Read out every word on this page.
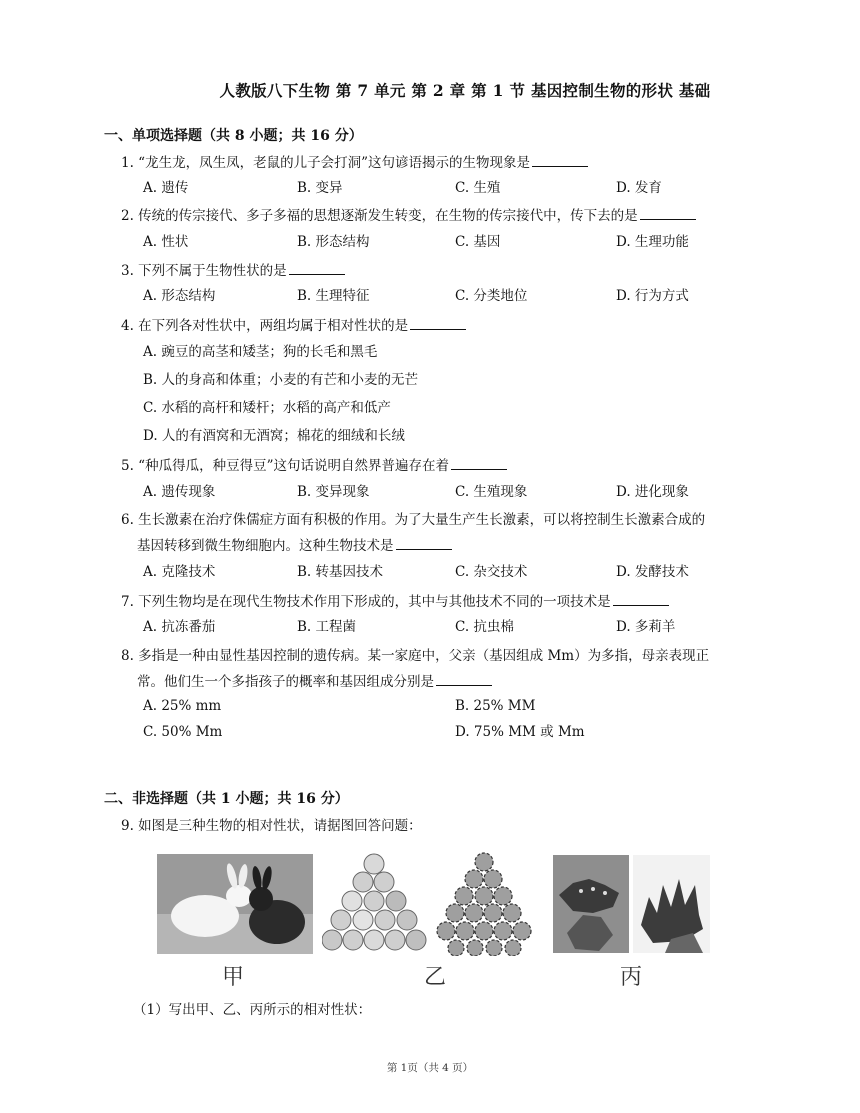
人教版八下生物 第 7 单元 第 2 章 第 1 节 基因控制生物的形状 基础
一、单项选择题（共 8 小题；共 16 分）
1. “龙生龙，凤生凤，老鼠的儿子会打洞”这句谚语揭示的生物现象是
A. 遗传	B. 变异	C. 生殖	D. 发育
2. 传统的传宗接代、多子多福的思想逐渐发生转变，在生物的传宗接代中，传下去的是
A. 性状	B. 形态结构	C. 基因	D. 生理功能
3. 下列不属于生物性状的是
A. 形态结构	B. 生理特征	C. 分类地位	D. 行为方式
4. 在下列各对性状中，两组均属于相对性状的是
A. 豌豆的高茎和矮茎；狗的长毛和黑毛
B. 人的身高和体重；小麦的有芒和小麦的无芒
C. 水稻的高杆和矮杆；水稻的高产和低产
D. 人的有酒窝和无酒窝；棉花的细绒和长绒
5. “种瓜得瓜，种豆得豆”这句话说明自然界普遍存在着
A. 遗传现象	B. 变异现象	C. 生殖现象	D. 进化现象
6. 生长激素在治疗侏儒症方面有积极的作用。为了大量生产生长激素，可以将控制生长激素合成的
基因转移到微生物细胞内。这种生物技术是
A. 克隆技术	B. 转基因技术	C. 杂交技术	D. 发酵技术
7. 下列生物均是在现代生物技术作用下形成的，其中与其他技术不同的一项技术是
A. 抗冻番茄	B. 工程菌	C. 抗虫棉	D. 多莉羊
8. 多指是一种由显性基因控制的遗传病。某一家庭中，父亲（基因组成 Mm）为多指，母亲表现正
常。他们生一个多指孩子的概率和基因组成分别是
A. 25% mm	B. 25% MM
C. 50% Mm	D. 75% MM 或 Mm
二、非选择题（共 1 小题；共 16 分）
9. 如图是三种生物的相对性状，请据图回答问题：
甲	乙	丙
（1）写出甲、乙、丙所示的相对性状：
第 1页（共 4 页）
